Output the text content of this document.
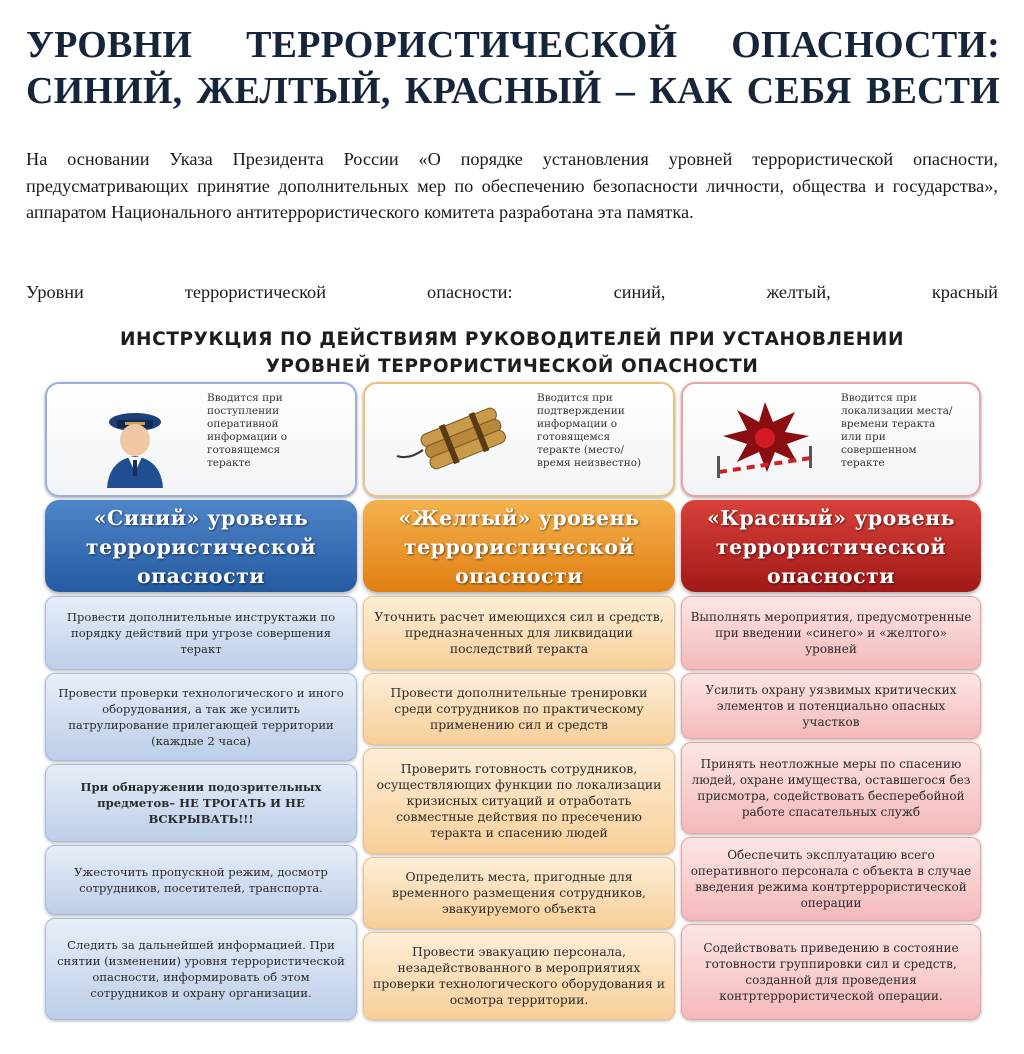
УРОВНИ ТЕРРОРИСТИЧЕСКОЙ ОПАСНОСТИ: СИНИЙ, ЖЕЛТЫЙ, КРАСНЫЙ – КАК СЕБЯ ВЕСТИ

На основании Указа Президента России «О порядке установления уровней террористической опасности, предусматривающих принятие дополнительных мер по обеспечению безопасности личности, общества и государства», аппаратом Национального антитеррористического комитета разработана эта памятка.

Уровни	террористической	опасности:	синий,	желтый,	красный
ИНСТРУКЦИЯ ПО ДЕЙСТВИЯМ РУКОВОДИТЕЛЕЙ ПРИ УСТАНОВЛЕНИИ
УРОВНЕЙ ТЕРРОРИСТИЧЕСКОЙ ОПАСНОСТИ
Вводится при поступлении оперативной информации о готовящемся теракте
«Синий» уровень террористической опасности
Провести дополнительные инструктажи по порядку действий при угрозе совершения теракт
Провести проверки технологического и иного оборудования, а так же усилить патрулирование прилегающей территории (каждые 2 часа)
При обнаружении подозрительных предметов– НЕ ТРОГАТЬ И НЕ ВСКРЫВАТЬ!!!
Ужесточить пропускной режим, досмотр сотрудников, посетителей, транспорта.
Следить за дальнейшей информацией. При снятии (изменении) уровня террористической опасности, информировать об этом сотрудников и охрану организации.
Вводится при подтверждении информации о готовящемся теракте (место/время неизвестно)
«Желтый» уровень террористической опасности
Уточнить расчет имеющихся сил и средств, предназначенных для ликвидации последствий теракта
Провести дополнительные тренировки среди сотрудников по практическому применению сил и средств
Проверить готовность сотрудников, осуществляющих функции по локализации кризисных ситуаций и отработать совместные действия по пресечению теракта и спасению людей
Определить места, пригодные для временного размещения сотрудников, эвакуируемого объекта
Провести эвакуацию персонала, незадействованного в мероприятиях проверки технологического оборудования и осмотра территории.
Вводится при локализации места/времени теракта или при совершенном теракте
«Красный» уровень террористической опасности
Выполнять мероприятия, предусмотренные при введении «синего» и «желтого» уровней
Усилить охрану уязвимых критических элементов и потенциально опасных участков
Принять неотложные меры по спасению людей, охране имущества, оставшегося без присмотра, содействовать бесперебойной работе спасательных служб
Обеспечить эксплуатацию всего оперативного персонала с объекта в случае введения режима контртеррористической операции
Содействовать приведению в состояние готовности группировки сил и средств, созданной для проведения контртеррористической операции.
